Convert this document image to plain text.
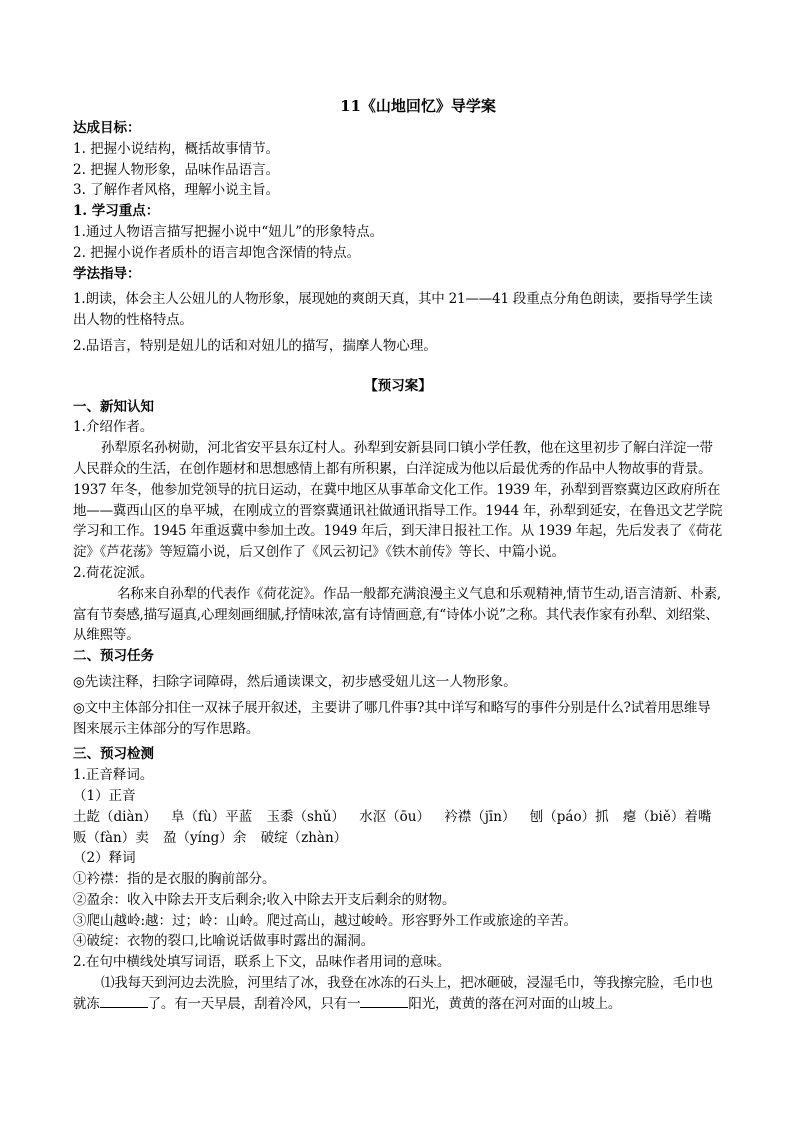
11《山地回忆》导学案

达成目标：

1. 把握小说结构，概括故事情节。

2. 把握人物形象，品味作品语言。

3. 了解作者风格，理解小说主旨。

1. 学习重点：

1.通过人物语言描写把握小说中“妞儿”的形象特点。

2. 把握小说作者质朴的语言却饱含深情的特点。

学法指导：

1.朗读，体会主人公妞儿的人物形象，展现她的爽朗天真，其中 21——41 段重点分角色朗读，要指导学生读出人物的性格特点。

2.品语言，特别是妞儿的话和对妞儿的描写，揣摩人物心理。

【预习案】

一、新知认知

1.介绍作者。

孙犁原名孙树勋，河北省安平县东辽村人。孙犁到安新县同口镇小学任教，他在这里初步了解白洋淀一带人民群众的生活，在创作题材和思想感情上都有所积累，白洋淀成为他以后最优秀的作品中人物故事的背景。1937 年冬，他参加党领导的抗日运动，在冀中地区从事革命文化工作。1939 年，孙犁到晋察冀边区政府所在地——冀西山区的阜平城，在刚成立的晋察冀通讯社做通讯指导工作。1944 年，孙犁到延安，在鲁迅文艺学院学习和工作。1945 年重返冀中参加土改。1949 年后，到天津日报社工作。从 1939 年起，先后发表了《荷花淀》《芦花荡》等短篇小说，后又创作了《风云初记》《铁木前传》等长、中篇小说。

2.荷花淀派。

名称来自孙犁的代表作《荷花淀》。作品一般都充满浪漫主义气息和乐观精神,情节生动,语言清新、朴素,富有节奏感,描写逼真,心理刻画细腻,抒情味浓,富有诗情画意,有“诗体小说”之称。其代表作家有孙犁、刘绍棠、从维熙等。

二、预习任务

◎先读注释，扫除字词障碍，然后通读课文，初步感受妞儿这一人物形象。

◎文中主体部分扣住一双袜子展开叙述，主要讲了哪几件事?其中详写和略写的事件分别是什么?试着用思维导图来展示主体部分的写作思路。

三、预习检测

1.正音释词。

（1）正音

土龁（diàn） 阜（fù）平蓝 玉黍（shǔ） 水沤（ōu） 衿襟（jīn） 刨（páo）抓 瘪（biě）着嘴

贩（fàn）卖 盈（yíng）余 破绽（zhàn）

（2）释词

①衿襟：指的是衣服的胸前部分。

②盈余：收入中除去开支后剩余;收入中除去开支后剩余的财物。

③爬山越岭:越：过；岭：山岭。爬过高山，越过峻岭。形容野外工作或旅途的辛苦。

④破绽：衣物的裂口,比喻说话做事时露出的漏洞。

2.在句中横线处填写词语，联系上下文，品味作者用词的意味。

⑴我每天到河边去洗脸，河里结了冰，我登在冰冻的石头上，把冰砸破，浸湿毛巾，等我擦完脸，毛巾也就冻	了。有一天早晨，刮着冷风，只有一	阳光，黄黄的落在河对面的山坡上。
